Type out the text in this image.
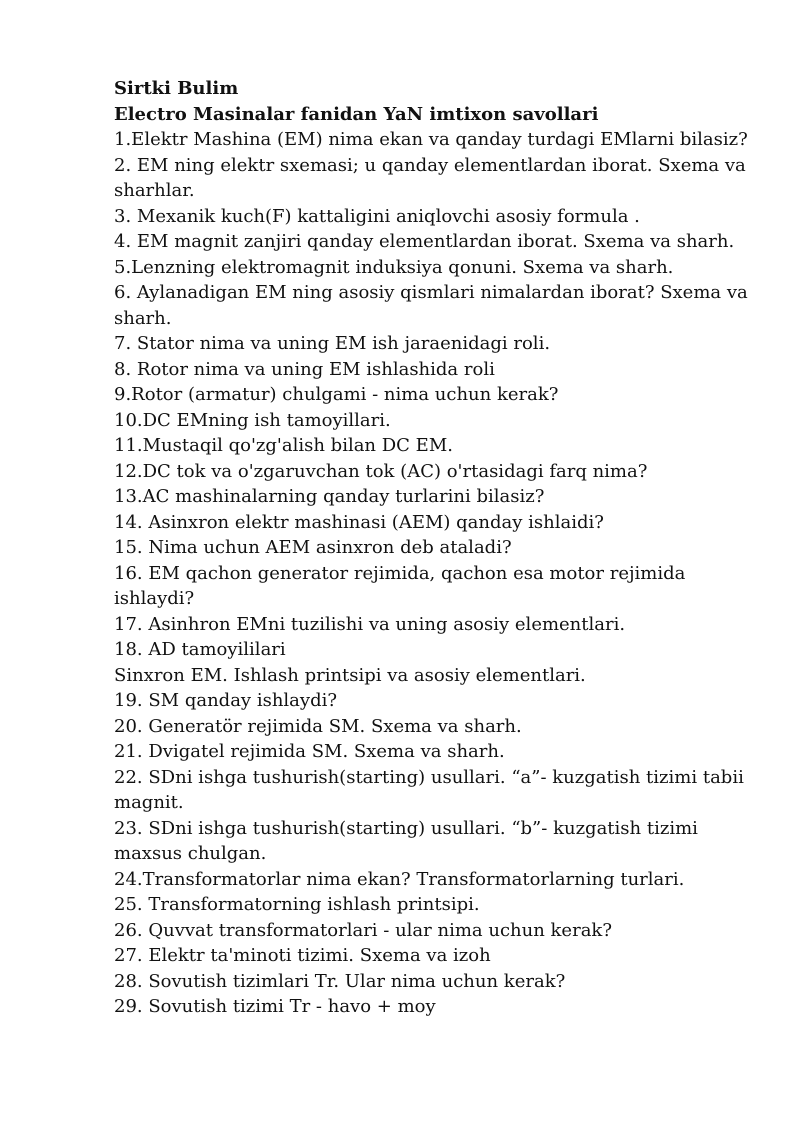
Sirtki Bulim
Electro Masinalar fanidan YaN imtixon savollari
1.Elektr Mashina (EM) nima ekan va qanday turdagi EMlarni bilasiz?
2. EM ning elektr sxemasi; u qanday elementlardan iborat. Sxema va sharhlar.
3. Mexanik kuch(F) kattaligini aniqlovchi asosiy formula .
4. EM magnit zanjiri qanday elementlardan iborat. Sxema va sharh.
5.Lenzning elektromagnit induksiya qonuni. Sxema va sharh.
6. Aylanadigan EM ning asosiy qismlari nimalardan iborat? Sxema va sharh.
7. Stator nima va uning EM ish jaraenidagi roli.
8. Rotor nima va uning EM ishlashida roli
9.Rotor (armatur) chulgami - nima uchun kerak?
10.DC EMning ish tamoyillari.
11.Mustaqil qo'zg'alish bilan DC EM.
12.DC tok va o'zgaruvchan tok (AC) o'rtasidagi farq nima?
13.AC mashinalarning qanday turlarini bilasiz?
14. Asinxron elektr mashinasi (AEM) qanday ishlaidi?
15. Nima uchun AEM asinxron deb ataladi?
16. EM qachon generator rejimida, qachon esa motor rejimida ishlaydi?
17. Asinhron EMni tuzilishi va uning asosiy elementlari.
18. AD tamoyililari
Sinxron EM. Ishlash printsipi va asosiy elementlari.
19. SM qanday ishlaydi?
20. Generatör rejimida SM. Sxema va sharh.
21. Dvigatel rejimida SM. Sxema va sharh.
22. SDni ishga tushurish(starting) usullari. “a”- kuzgatish tizimi tabii magnit.
23. SDni ishga tushurish(starting) usullari. “b”- kuzgatish tizimi maxsus chulgan.
24.Transformatorlar nima ekan? Transformatorlarning turlari.
25. Transformatorning ishlash printsipi.
26. Quvvat transformatorlari - ular nima uchun kerak?
27. Elektr ta'minoti tizimi. Sxema va izoh
28. Sovutish tizimlari Tr. Ular nima uchun kerak?
29. Sovutish tizimi Tr - havo + moy
